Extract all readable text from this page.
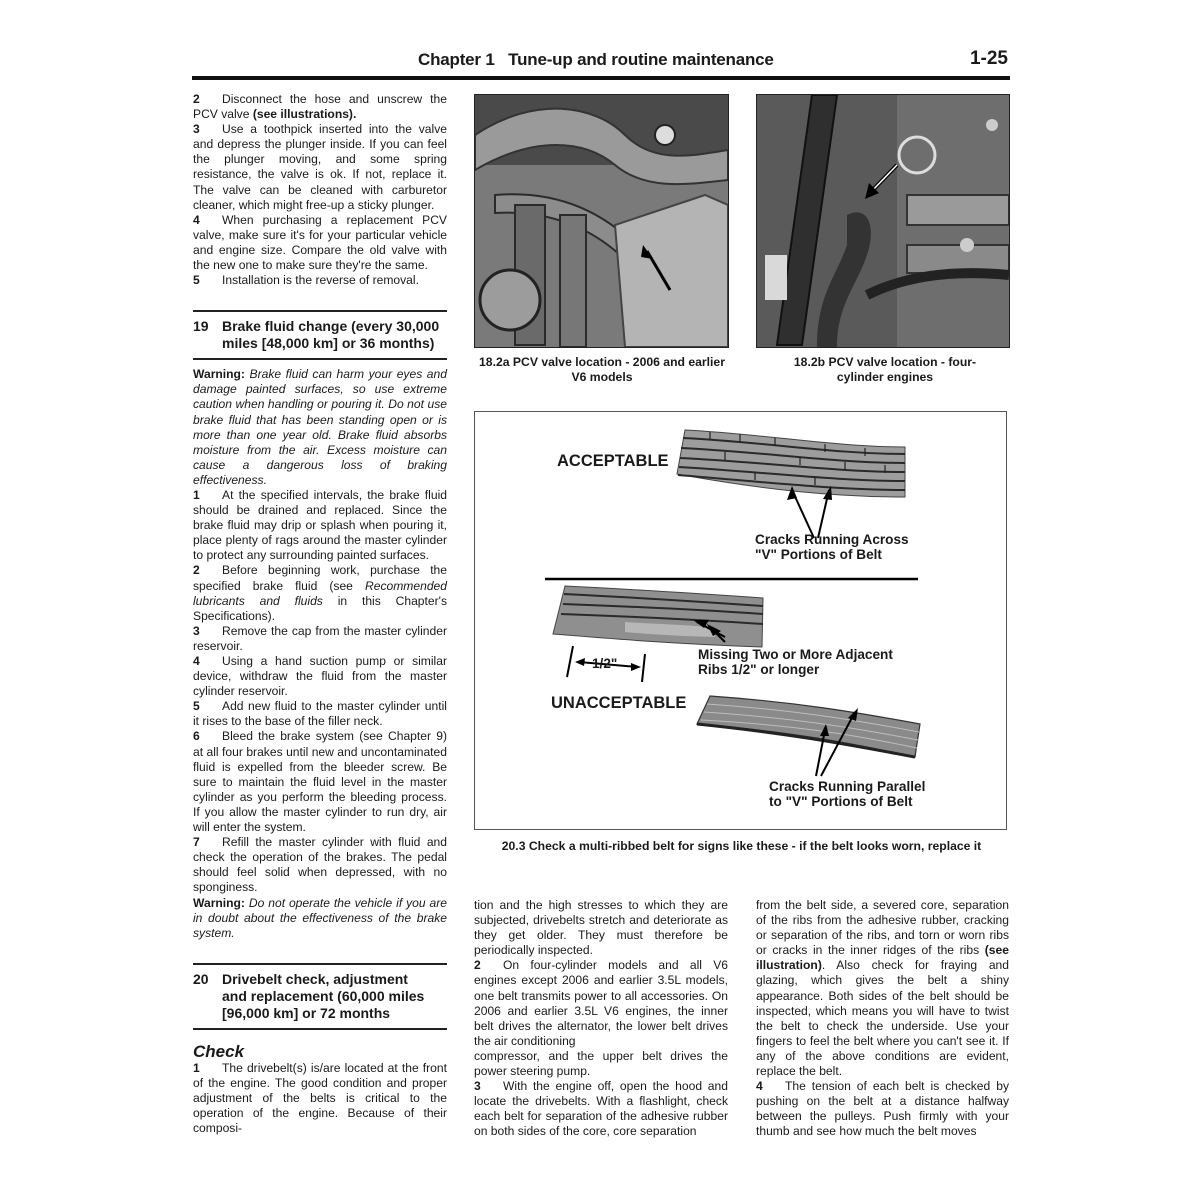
Chapter 1   Tune-up and routine maintenance	1-25

2 Disconnect the hose and unscrew the PCV valve (see illustrations).

3 Use a toothpick inserted into the valve and depress the plunger inside. If you can feel the plunger moving, and some spring resistance, the valve is ok. If not, replace it. The valve can be cleaned with carburetor cleaner, which might free-up a sticky plunger.

4 When purchasing a replacement PCV valve, make sure it's for your particular vehicle and engine size. Compare the old valve with the new one to make sure they're the same.

5 Installation is the reverse of removal.

19 Brake fluid change (every 30,000 miles [48,000 km] or 36 months)

Warning: Brake fluid can harm your eyes and damage painted surfaces, so use extreme caution when handling or pouring it. Do not use brake fluid that has been standing open or is more than one year old. Brake fluid absorbs moisture from the air. Excess moisture can cause a dangerous loss of braking effectiveness.

1 At the specified intervals, the brake fluid should be drained and replaced. Since the brake fluid may drip or splash when pouring it, place plenty of rags around the master cylinder to protect any surrounding painted surfaces.

2 Before beginning work, purchase the specified brake fluid (see Recommended lubricants and fluids in this Chapter's Specifications).

3 Remove the cap from the master cylinder reservoir.

4 Using a hand suction pump or similar device, withdraw the fluid from the master cylinder reservoir.

5 Add new fluid to the master cylinder until it rises to the base of the filler neck.

6 Bleed the brake system (see Chapter 9) at all four brakes until new and uncontaminated fluid is expelled from the bleeder screw. Be sure to maintain the fluid level in the master cylinder as you perform the bleeding process. If you allow the master cylinder to run dry, air will enter the system.

7 Refill the master cylinder with fluid and check the operation of the brakes. The pedal should feel solid when depressed, with no sponginess.

Warning: Do not operate the vehicle if you are in doubt about the effectiveness of the brake system.

20 Drivebelt check, adjustment and replacement (60,000 miles [96,000 km] or 72 months
Check

1 The drivebelt(s) is/are located at the front of the engine. The good condition and proper adjustment of the belts is critical to the operation of the engine. Because of their composi-

18.2a PCV valve location - 2006 and earlier V6 models
18.2b PCV valve location - four-cylinder engines
ACCEPTABLE
Cracks Running Across "V" Portions of Belt
1/2"
Missing Two or More Adjacent Ribs 1/2" or longer
UNACCEPTABLE
Cracks Running Parallel to "V" Portions of Belt
20.3 Check a multi-ribbed belt for signs like these - if the belt looks worn, replace it

tion and the high stresses to which they are subjected, drivebelts stretch and deteriorate as they get older. They must therefore be periodically inspected.

2 On four-cylinder models and all V6 engines except 2006 and earlier 3.5L models, one belt transmits power to all accessories. On 2006 and earlier 3.5L V6 engines, the inner belt drives the alternator, the lower belt drives the air conditioning

compressor, and the upper belt drives the power steering pump.

3 With the engine off, open the hood and locate the drivebelts. With a flashlight, check each belt for separation of the adhesive rubber on both sides of the core, core separation

from the belt side, a severed core, separation of the ribs from the adhesive rubber, cracking or separation of the ribs, and torn or worn ribs or cracks in the inner ridges of the ribs (see illustration). Also check for fraying and glazing, which gives the belt a shiny appearance. Both sides of the belt should be inspected, which means you will have to twist the belt to check the underside. Use your fingers to feel the belt where you can't see it. If any of the above conditions are evident, replace the belt.

4 The tension of each belt is checked by pushing on the belt at a distance halfway between the pulleys. Push firmly with your thumb and see how much the belt moves
